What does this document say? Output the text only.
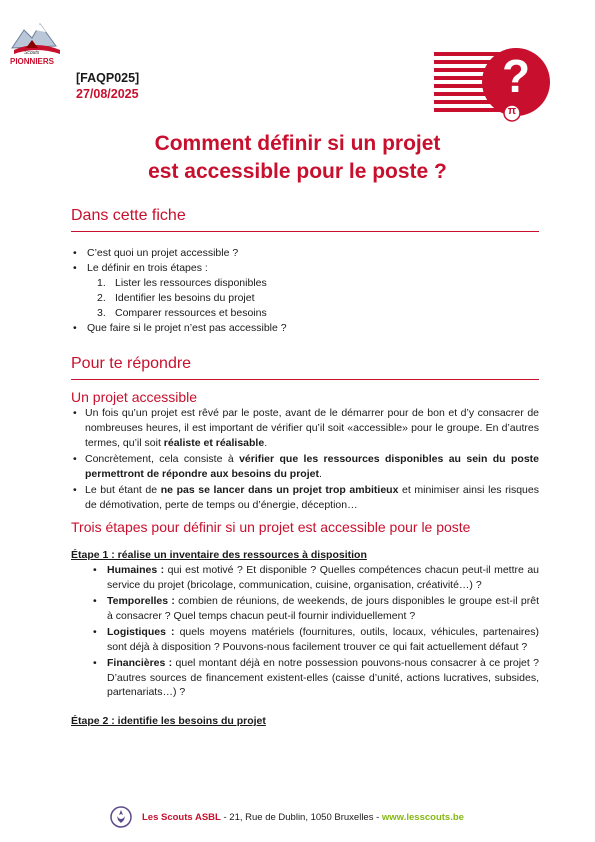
Scouts
PIONNIERS
[FAQP025]
27/08/2025	?
π
Comment définir si un projet
est accessible pour le poste ?
Dans cette fiche
• C’est quoi un projet accessible ?
• Le définir en trois étapes :
1. Lister les ressources disponibles
2. Identifier les besoins du projet
3. Comparer ressources et besoins
• Que faire si le projet n’est pas accessible ?
Pour te répondre
Un projet accessible
• Un fois qu’un projet est rêvé par le poste, avant de le démarrer pour de bon et d’y consacrer de nombreuses heures, il est important de vérifier qu’il soit «accessible» pour le groupe. En d’autres termes, qu’il soit réaliste et réalisable.
• Concrètement, cela consiste à vérifier que les ressources disponibles au sein du poste permettront de répondre aux besoins du projet.
• Le but étant de ne pas se lancer dans un projet trop ambitieux et minimiser ainsi les risques de démotivation, perte de temps ou d’énergie, déception…
Trois étapes pour définir si un projet est accessible pour le poste
Étape 1 : réalise un inventaire des ressources à disposition
• Humaines : qui est motivé ? Et disponible ? Quelles compétences chacun peut-il mettre au service du projet (bricolage, communication, cuisine, organisation, créativité…) ?
• Temporelles : combien de réunions, de weekends, de jours disponibles le groupe est-il prêt à consacrer ? Quel temps chacun peut-il fournir individuellement ?
• Logistiques : quels moyens matériels (fournitures, outils, locaux, véhicules, partenaires) sont déjà à disposition ? Pouvons-nous facilement trouver ce qui fait actuellement défaut ?
• Financières : quel montant déjà en notre possession pouvons-nous consacrer à ce projet ? D’autres sources de financement existent-elles (caisse d’unité, actions lucratives, subsides, partenariats…) ?
Étape 2 : identifie les besoins du projet
Les Scouts ASBL - 21, Rue de Dublin, 1050 Bruxelles - www.lesscouts.be
